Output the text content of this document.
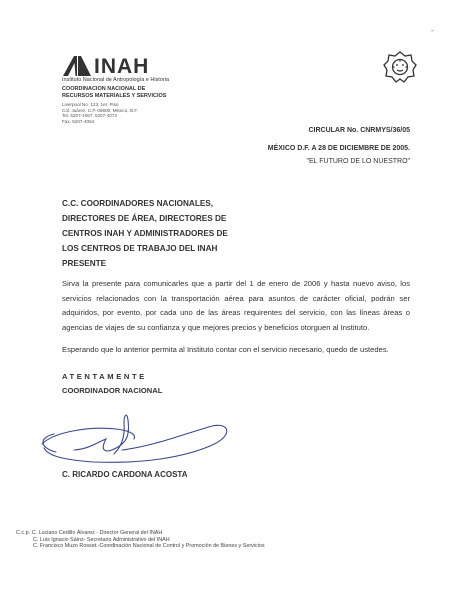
-
INAH
Instituto Nacional de Antropología e Historia
COORDINACION NACIONAL DE
RECURSOS MATERIALES Y SERVICIOS
Liverpool No. 123, 1er. Piso
Col. Juárez, C.P. 06600, México, D.F.
Tel. 5207-4067, 5207-4073
Fax. 5207-4064
CIRCULAR No. CNRMYS/36/05
MÉXICO D.F. A 28 DE DICIEMBRE DE 2005.
"EL FUTURO DE LO NUESTRO"
C.C. COORDINADORES NACIONALES,
DIRECTORES DE ÁREA, DIRECTORES DE
CENTROS INAH Y ADMINISTRADORES DE
LOS CENTROS DE TRABAJO DEL INAH
PRESENTE
Sirva la presente para comunicarles que a partir del 1 de enero de 2006 y hasta nuevo aviso, los servicios relacionados con la transportación aérea para asuntos de carácter oficial, podrán ser adquiridos, por evento, por cada uno de las áreas requirentes del servicio, con las líneas áreas o agencias de viajes de su confianza y que mejores precios y beneficios otorguen al Instituto.
Esperando que lo anterior permita al Instituto contar con el servicio necesario, quedo de ustedes.
ATENTAMENTE
COORDINADOR NACIONAL
C. RICARDO CARDONA ACOSTA
C.c.p. C. Luciano Cedillo Álvarez - Director General del INAH
C. Luis Ignacio Sáinz- Secretario Administrativo del INAH
C. Francisco Muzo Rosset.-Coordinación Nacional de Control y Promoción de Bienes y Servicios
